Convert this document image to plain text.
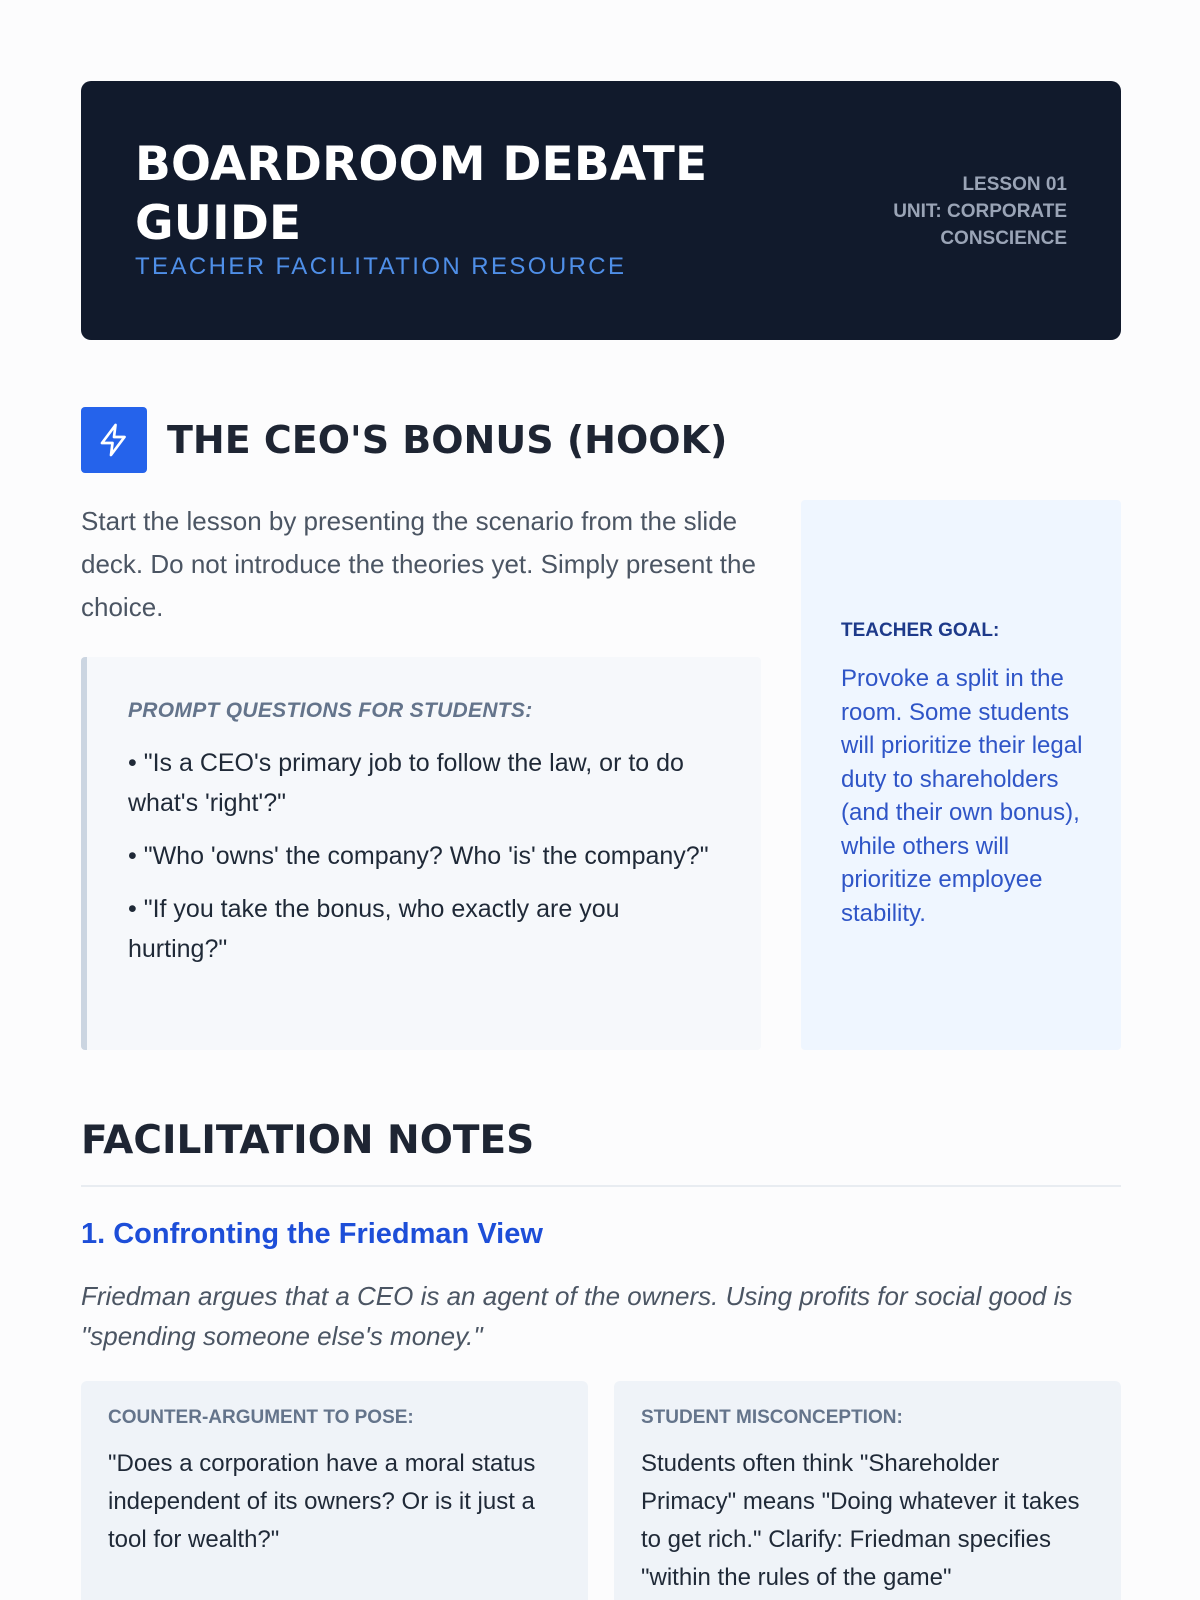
BOARDROOM DEBATE GUIDE
TEACHER FACILITATION RESOURCE
LESSON 01
UNIT: CORPORATE CONSCIENCE
THE CEO'S BONUS (HOOK)

Start the lesson by presenting the scenario from the slide deck. Do not introduce the theories yet. Simply present the choice.

PROMPT QUESTIONS FOR STUDENTS:
• "Is a CEO's primary job to follow the law, or to do what's 'right'?"
• "Who 'owns' the company? Who 'is' the company?"
• "If you take the bonus, who exactly are you hurting?"
TEACHER GOAL:
Provoke a split in the room. Some students will prioritize their legal duty to shareholders (and their own bonus), while others will prioritize employee stability.
FACILITATION NOTES
1. Confronting the Friedman View

Friedman argues that a CEO is an agent of the owners. Using profits for social good is "spending someone else's money."

COUNTER-ARGUMENT TO POSE:
"Does a corporation have a moral status independent of its owners? Or is it just a tool for wealth?"
STUDENT MISCONCEPTION:
Students often think "Shareholder Primacy" means "Doing whatever it takes to get rich." Clarify: Friedman specifies "within the rules of the game"
